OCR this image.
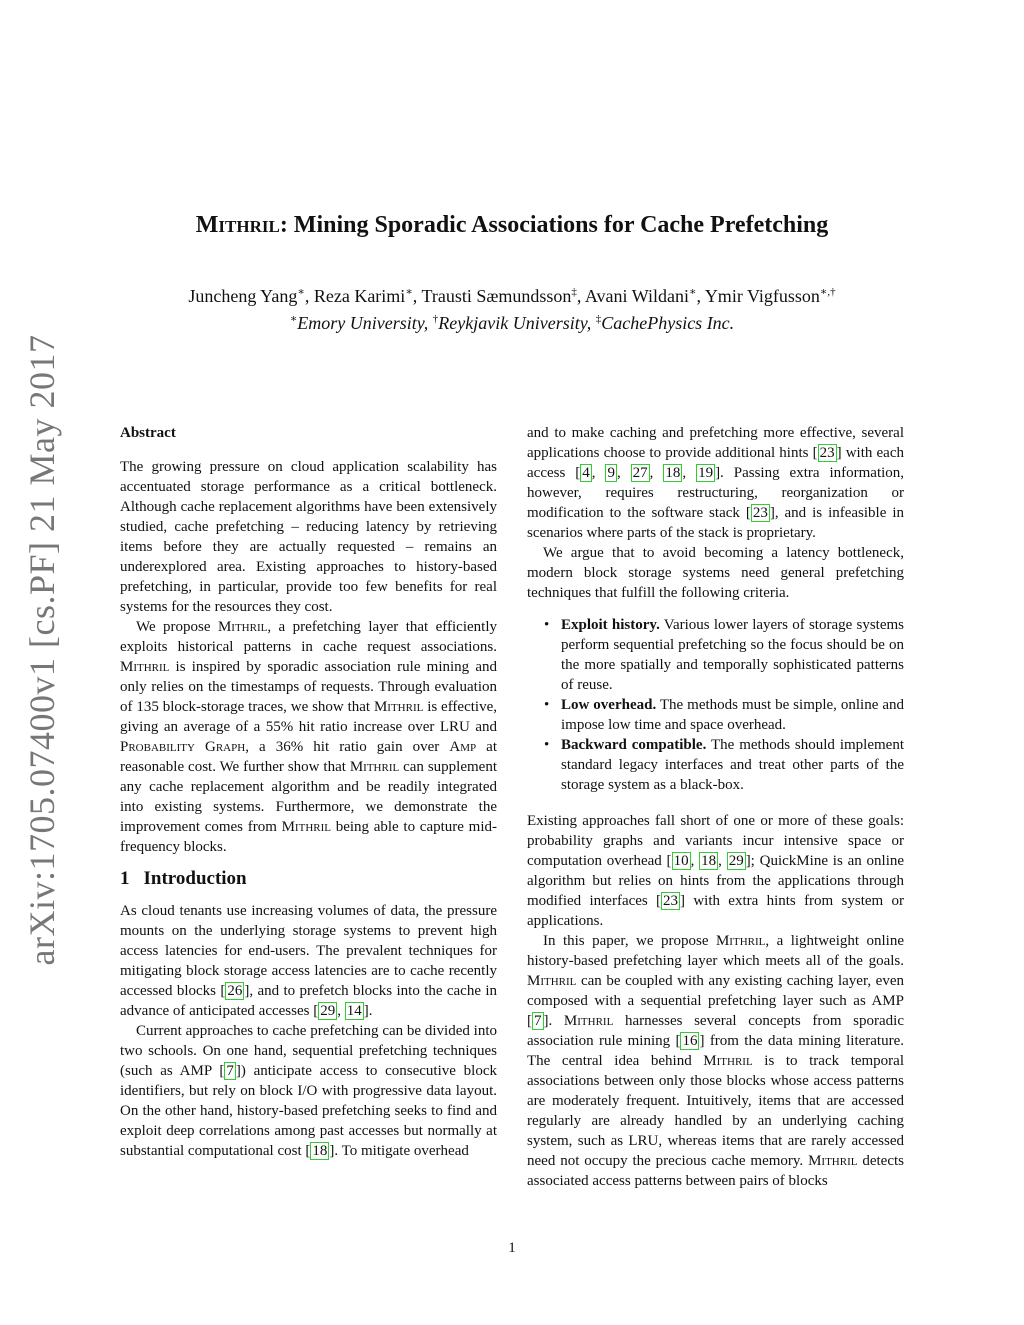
arXiv:1705.07400v1 [cs.PF] 21 May 2017
Mithril: Mining Sporadic Associations for Cache Prefetching
Juncheng Yang∗, Reza Karimi∗, Trausti Sæmundsson‡, Avani Wildani∗, Ymir Vigfusson∗,†
∗Emory University, †Reykjavik University, ‡CachePhysics Inc.
Abstract

The growing pressure on cloud application scalability has accentuated storage performance as a critical bottleneck. Although cache replacement algorithms have been extensively studied, cache prefetching – reducing latency by retrieving items before they are actually requested – remains an underexplored area. Existing approaches to history-based prefetching, in particular, provide too few benefits for real systems for the resources they cost.

We propose Mithril, a prefetching layer that efficiently exploits historical patterns in cache request associations. Mithril is inspired by sporadic association rule mining and only relies on the timestamps of requests. Through evaluation of 135 block-storage traces, we show that Mithril is effective, giving an average of a 55% hit ratio increase over LRU and Probability Graph, a 36% hit ratio gain over Amp at reasonable cost. We further show that Mithril can supplement any cache replacement algorithm and be readily integrated into existing systems. Furthermore, we demonstrate the improvement comes from Mithril being able to capture mid-frequency blocks.

1 Introduction

As cloud tenants use increasing volumes of data, the pressure mounts on the underlying storage systems to prevent high access latencies for end-users. The prevalent techniques for mitigating block storage access latencies are to cache recently accessed blocks [ 26 ], and to prefetch blocks into the cache in advance of anticipated accesses [ 29 , 14 ].

Current approaches to cache prefetching can be divided into two schools. On one hand, sequential prefetching techniques (such as AMP [ 7 ]) anticipate access to consecutive block identifiers, but rely on block I/O with progressive data layout. On the other hand, history-based prefetching seeks to find and exploit deep correlations among past accesses but normally at substantial computational cost [ 18 ]. To mitigate overhead

and to make caching and prefetching more effective, several applications choose to provide additional hints [ 23 ] with each access [ 4 , 9 , 27 , 18 , 19 ]. Passing extra information, however, requires restructuring, reorganization or modification to the software stack [ 23 ], and is infeasible in scenarios where parts of the stack is proprietary.

We argue that to avoid becoming a latency bottleneck, modern block storage systems need general prefetching techniques that fulfill the following criteria.

• Exploit history. Various lower layers of storage systems perform sequential prefetching so the focus should be on the more spatially and temporally sophisticated patterns of reuse.
• Low overhead. The methods must be simple, online and impose low time and space overhead.
• Backward compatible. The methods should implement standard legacy interfaces and treat other parts of the storage system as a black-box.

Existing approaches fall short of one or more of these goals: probability graphs and variants incur intensive space or computation overhead [ 10 , 18 , 29 ]; QuickMine is an online algorithm but relies on hints from the applications through modified interfaces [ 23 ] with extra hints from system or applications.

In this paper, we propose Mithril, a lightweight online history-based prefetching layer which meets all of the goals. Mithril can be coupled with any existing caching layer, even composed with a sequential prefetching layer such as AMP [ 7 ]. Mithril harnesses several concepts from sporadic association rule mining [ 16 ] from the data mining literature. The central idea behind Mithril is to track temporal associations between only those blocks whose access patterns are moderately frequent. Intuitively, items that are accessed regularly are already handled by an underlying caching system, such as LRU, whereas items that are rarely accessed need not occupy the precious cache memory. Mithril detects associated access patterns between pairs of blocks

1
